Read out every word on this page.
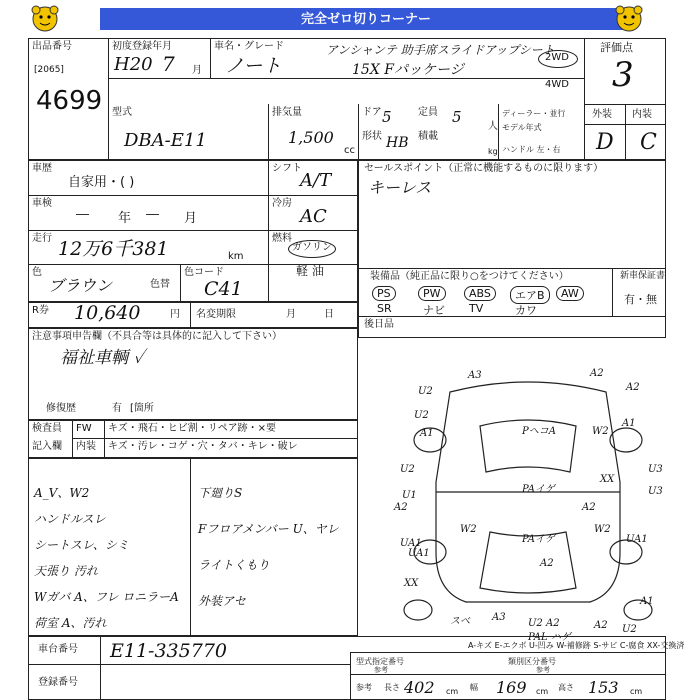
完全ゼロ切りコーナー
出品番号
[2065]
4699
初度登録年月
H20 7 月
車名・グレード
ノート
アンシャンテ 助手席スライドアップシート
15X Fパッケージ
2WD
4WD
評価点
3
型式
DBA-E11
排気量
1,500
cc
ドア 5	定員 5
人
形状 HB 積載
kg
ディーラー・並行
モデル年式
ハンドル 左・右
外装 内装
D C
車歴
自家用・( )
シフト
A/T
車検
― 年 ― 月
冷房
AC
走行 12万6千381	km
燃料
ガソリン
軽 油
色
ブラウン	色替
色コード
C41
R券 10,640	円 名変期限	月	日
セールスポイント（正常に機能するものに限ります）
キーレス
装備品（純正品に限り○をつけてください）	新車保証書
PS	PW	ABS	エアB	AW
SR	ナビ	TV	カワ
有・無
後日品
注意事項申告欄（不具合等は具体的に記入して下さい）
福祉車輌 ✓
修復歴	有 [箇所
検査員
記入欄
FW キズ・飛石・ヒビ割・リペア跡・×要
内装 キズ・汚レ・コゲ・穴・タバ・キレ・破レ
A_V、W2
ハンドルスレ
シートスレ、シミ
天張り 汚れ
Wガバ A、フレ ロニラーA
荷室 A、汚れ
下廻りS
Fフロアメンバー U、ヤレ
ライトくもり
外装アセ
A3	A2
U2	A2
U2
A1	PヘコA	W2
A1
U2	U3
PAイゲ
XX
U1	U3
A2	A2
UA1
W2
PAイゲ
W2
UA1
XX
A2
UA1
スベ A3
U2 A2
PAL ハゲ
A2 U2
A1
A-キズ E-エクボ U-凹み W-補修跡 S-サビ C-腐食 XX-交換済
車台番号 E11-335770
登録番号
型式指定番号
参考
類別区分番号
参考
参考 長さ 402 cm 幅 169 cm 高さ 153 cm
